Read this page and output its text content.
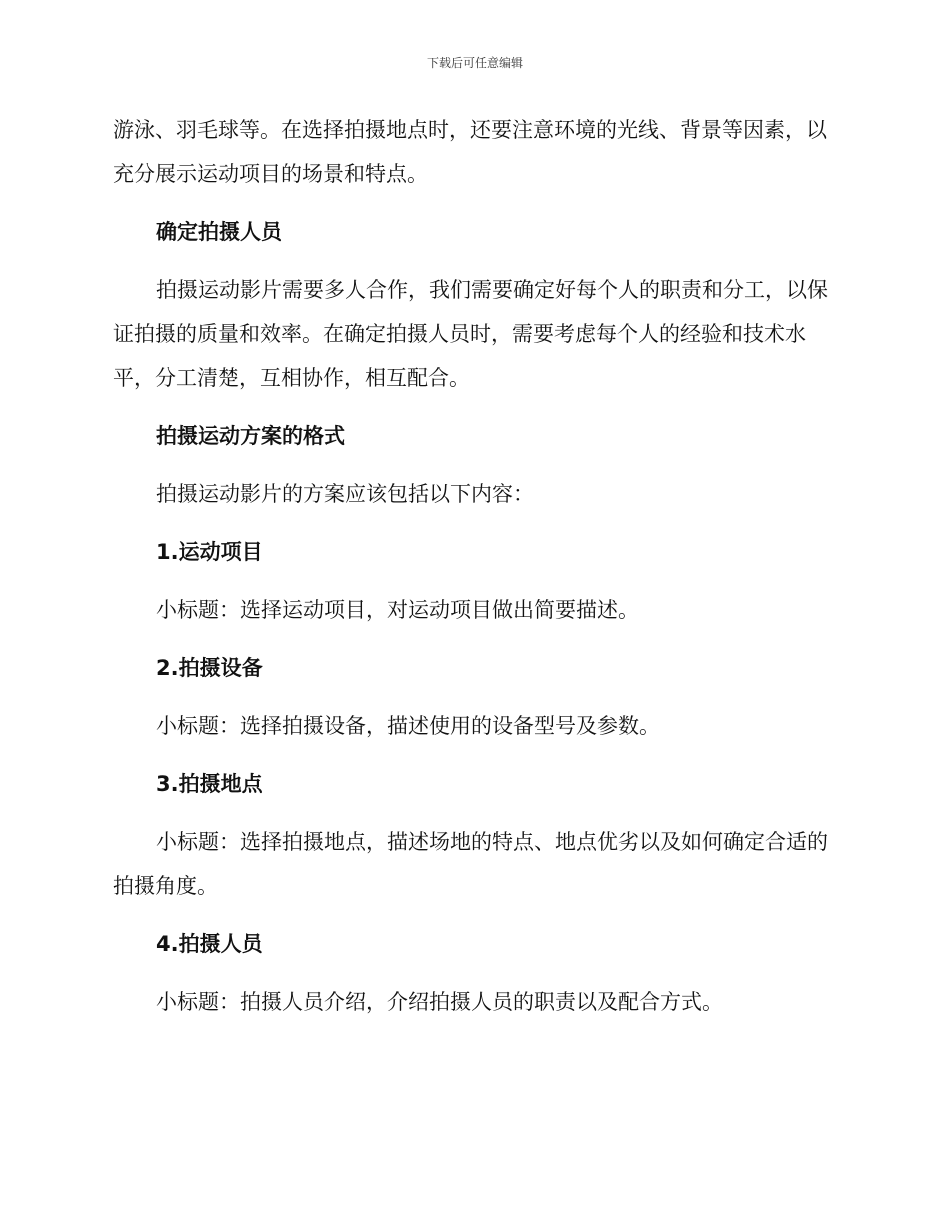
下载后可任意编辑

游泳、羽毛球等。在选择拍摄地点时，还要注意环境的光线、背景等因素，以充分展示运动项目的场景和特点。

确定拍摄人员

拍摄运动影片需要多人合作，我们需要确定好每个人的职责和分工，以保证拍摄的质量和效率。在确定拍摄人员时，需要考虑每个人的经验和技术水平，分工清楚，互相协作，相互配合。

拍摄运动方案的格式

拍摄运动影片的方案应该包括以下内容：

1.运动项目

小标题：选择运动项目，对运动项目做出简要描述。

2.拍摄设备

小标题：选择拍摄设备，描述使用的设备型号及参数。

3.拍摄地点

小标题：选择拍摄地点，描述场地的特点、地点优劣以及如何确定合适的拍摄角度。

4.拍摄人员

小标题：拍摄人员介绍，介绍拍摄人员的职责以及配合方式。
